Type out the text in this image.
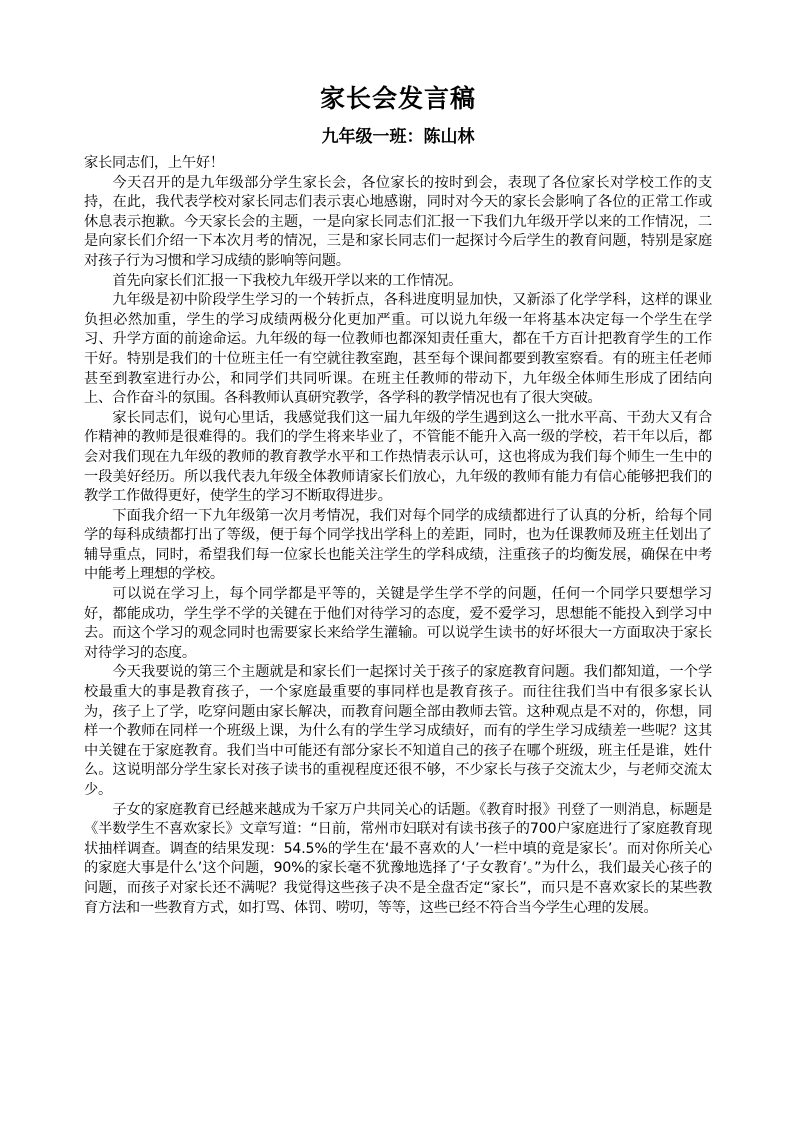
家长会发言稿
九年级一班：陈山林

家长同志们，上午好！

今天召开的是九年级部分学生家长会，各位家长的按时到会，表现了各位家长对学校工作的支持，在此，我代表学校对家长同志们表示衷心地感谢，同时对今天的家长会影响了各位的正常工作或休息表示抱歉。今天家长会的主题，一是向家长同志们汇报一下我们九年级开学以来的工作情况，二是向家长们介绍一下本次月考的情况，三是和家长同志们一起探讨今后学生的教育问题，特别是家庭对孩子行为习惯和学习成绩的影响等问题。

首先向家长们汇报一下我校九年级开学以来的工作情况。

九年级是初中阶段学生学习的一个转折点，各科进度明显加快，又新添了化学学科，这样的课业负担必然加重，学生的学习成绩两极分化更加严重。可以说九年级一年将基本决定每一个学生在学习、升学方面的前途命运。九年级的每一位教师也都深知责任重大，都在千方百计把教育学生的工作干好。特别是我们的十位班主任一有空就往教室跑，甚至每个课间都要到教室察看。有的班主任老师甚至到教室进行办公，和同学们共同听课。在班主任教师的带动下，九年级全体师生形成了团结向上、合作奋斗的氛围。各科教师认真研究教学，各学科的教学情况也有了很大突破。

家长同志们，说句心里话，我感觉我们这一届九年级的学生遇到这么一批水平高、干劲大又有合作精神的教师是很难得的。我们的学生将来毕业了，不管能不能升入高一级的学校，若干年以后，都会对我们现在九年级的教师的教育教学水平和工作热情表示认可，这也将成为我们每个师生一生中的一段美好经历。所以我代表九年级全体教师请家长们放心，九年级的教师有能力有信心能够把我们的教学工作做得更好，使学生的学习不断取得进步。

下面我介绍一下九年级第一次月考情况，我们对每个同学的成绩都进行了认真的分析，给每个同学的每科成绩都打出了等级，便于每个同学找出学科上的差距，同时，也为任课教师及班主任划出了辅导重点，同时，希望我们每一位家长也能关注学生的学科成绩，注重孩子的均衡发展，确保在中考中能考上理想的学校。

可以说在学习上，每个同学都是平等的，关键是学生学不学的问题，任何一个同学只要想学习好，都能成功，学生学不学的关键在于他们对待学习的态度，爱不爱学习，思想能不能投入到学习中去。而这个学习的观念同时也需要家长来给学生灌输。可以说学生读书的好坏很大一方面取决于家长对待学习的态度。

今天我要说的第三个主题就是和家长们一起探讨关于孩子的家庭教育问题。我们都知道，一个学校最重大的事是教育孩子，一个家庭最重要的事同样也是教育孩子。而往往我们当中有很多家长认为，孩子上了学，吃穿问题由家长解决，而教育问题全部由教师去管。这种观点是不对的，你想，同样一个教师在同样一个班级上课，为什么有的学生学习成绩好，而有的学生学习成绩差一些呢？这其中关键在于家庭教育。我们当中可能还有部分家长不知道自己的孩子在哪个班级，班主任是谁，姓什么。这说明部分学生家长对孩子读书的重视程度还很不够，不少家长与孩子交流太少，与老师交流太少。

子女的家庭教育已经越来越成为千家万户共同关心的话题。《教育时报》刊登了一则消息，标题是《半数学生不喜欢家长》文章写道：“日前，常州市妇联对有读书孩子的700户家庭进行了家庭教育现状抽样调查。调查的结果发现：54.5%的学生在‘最不喜欢的人’一栏中填的竟是家长’。而对你所关心的家庭大事是什么’这个问题，90%的家长毫不犹豫地选择了‘子女教育’。”为什么，我们最关心孩子的问题，而孩子对家长还不满呢？我觉得这些孩子决不是全盘否定“家长”，而只是不喜欢家长的某些教育方法和一些教育方式，如打骂、体罚、唠叨，等等，这些已经不符合当今学生心理的发展。
